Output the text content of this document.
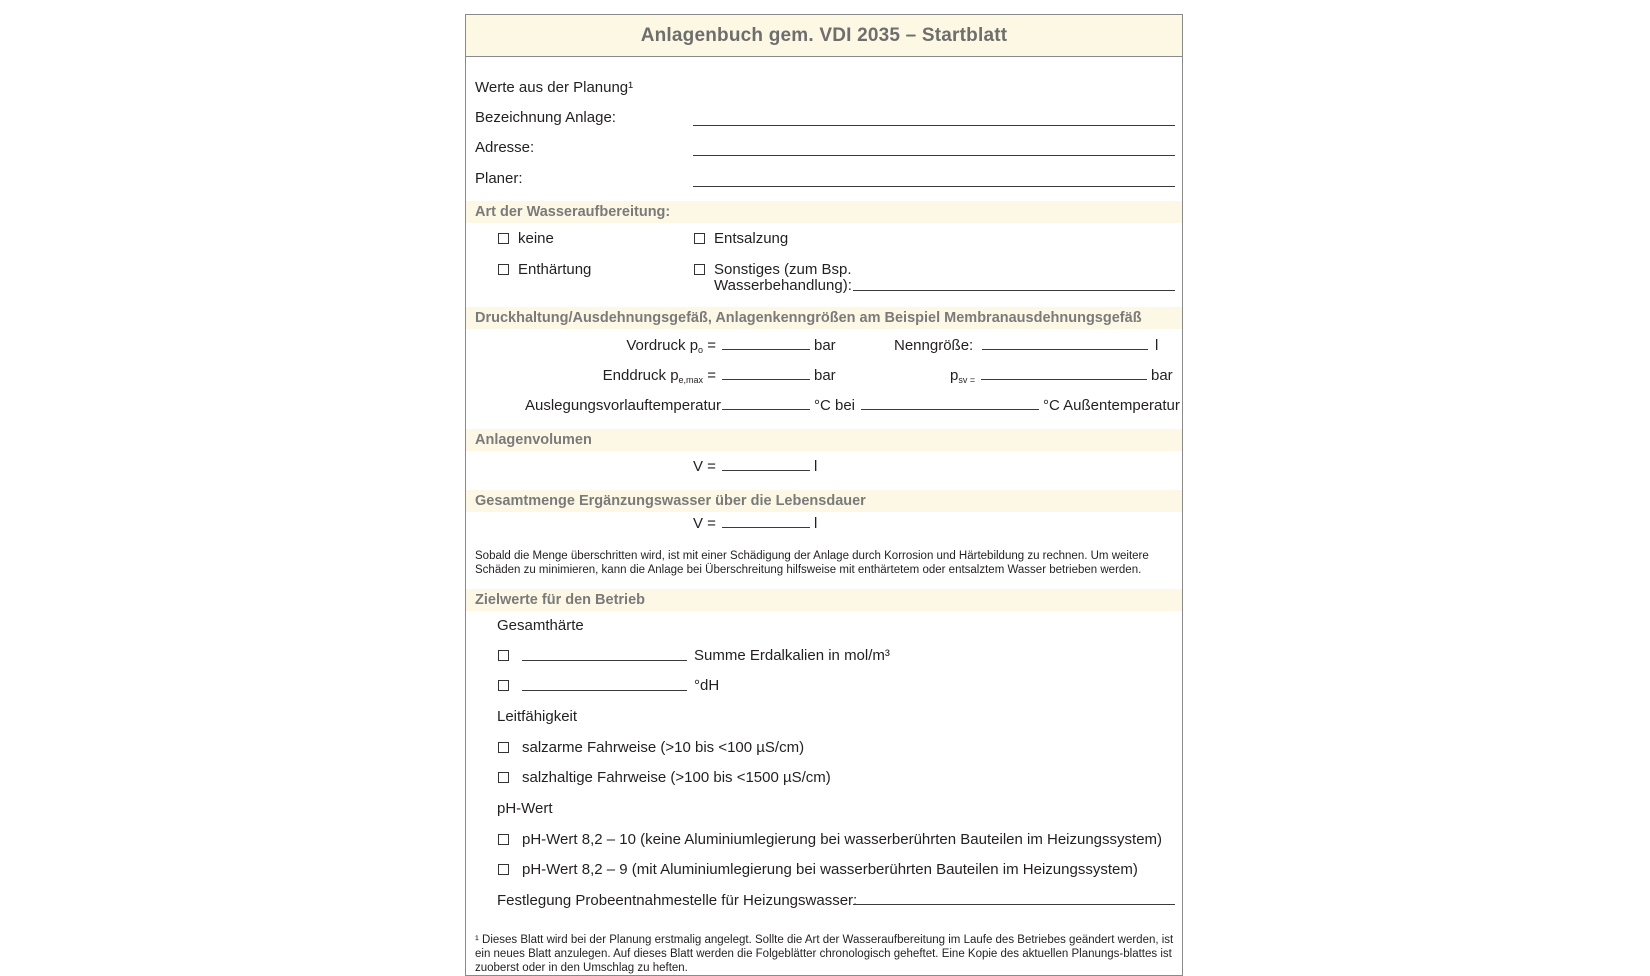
Anlagenbuch gem. VDI 2035 – Startblatt
Werte aus der Planung¹
Bezeichnung Anlage:
Adresse:
Planer:
Art der Wasseraufbereitung:
keine	Entsalzung
Enthärtung	Sonstiges (zum Bsp.
Wasserbehandlung):
Druckhaltung/Ausdehnungsgefäß, Anlagenkenngrößen am Beispiel Membranausdehnungsgefäß
Vordruck $p_o$ =	bar	Nenngröße:	l
Enddruck $p_{e,max}$ =	bar	$p_{sv =}$	bar
Auslegungsvorlauftemperatur	°C bei	°C Außentemperatur
Anlagenvolumen
V =	l
Gesamtmenge Ergänzungswasser über die Lebensdauer
V =	l
Sobald die Menge überschritten wird, ist mit einer Schädigung der Anlage durch Korrosion und Härtebildung zu rechnen. Um weitere Schäden zu minimieren, kann die Anlage bei Überschreitung hilfsweise mit enthärtetem oder entsalztem Wasser betrieben werden.
Zielwerte für den Betrieb
Gesamthärte
Summe Erdalkalien in mol/m³
°dH
Leitfähigkeit
salzarme Fahrweise (>10 bis <100 µS/cm)
salzhaltige Fahrweise (>100 bis <1500 µS/cm)
pH-Wert
pH-Wert 8,2 – 10 (keine Aluminiumlegierung bei wasserberührten Bauteilen im Heizungssystem)
pH-Wert 8,2 – 9 (mit Aluminiumlegierung bei wasserberührten Bauteilen im Heizungssystem)
Festlegung Probeentnahmestelle für Heizungswasser:
¹ Dieses Blatt wird bei der Planung erstmalig angelegt. Sollte die Art der Wasseraufbereitung im Laufe des Betriebes geändert werden, ist ein neues Blatt anzulegen. Auf dieses Blatt werden die Folgeblätter chronologisch geheftet. Eine Kopie des aktuellen Planungs-blattes ist zuoberst oder in den Umschlag zu heften.
